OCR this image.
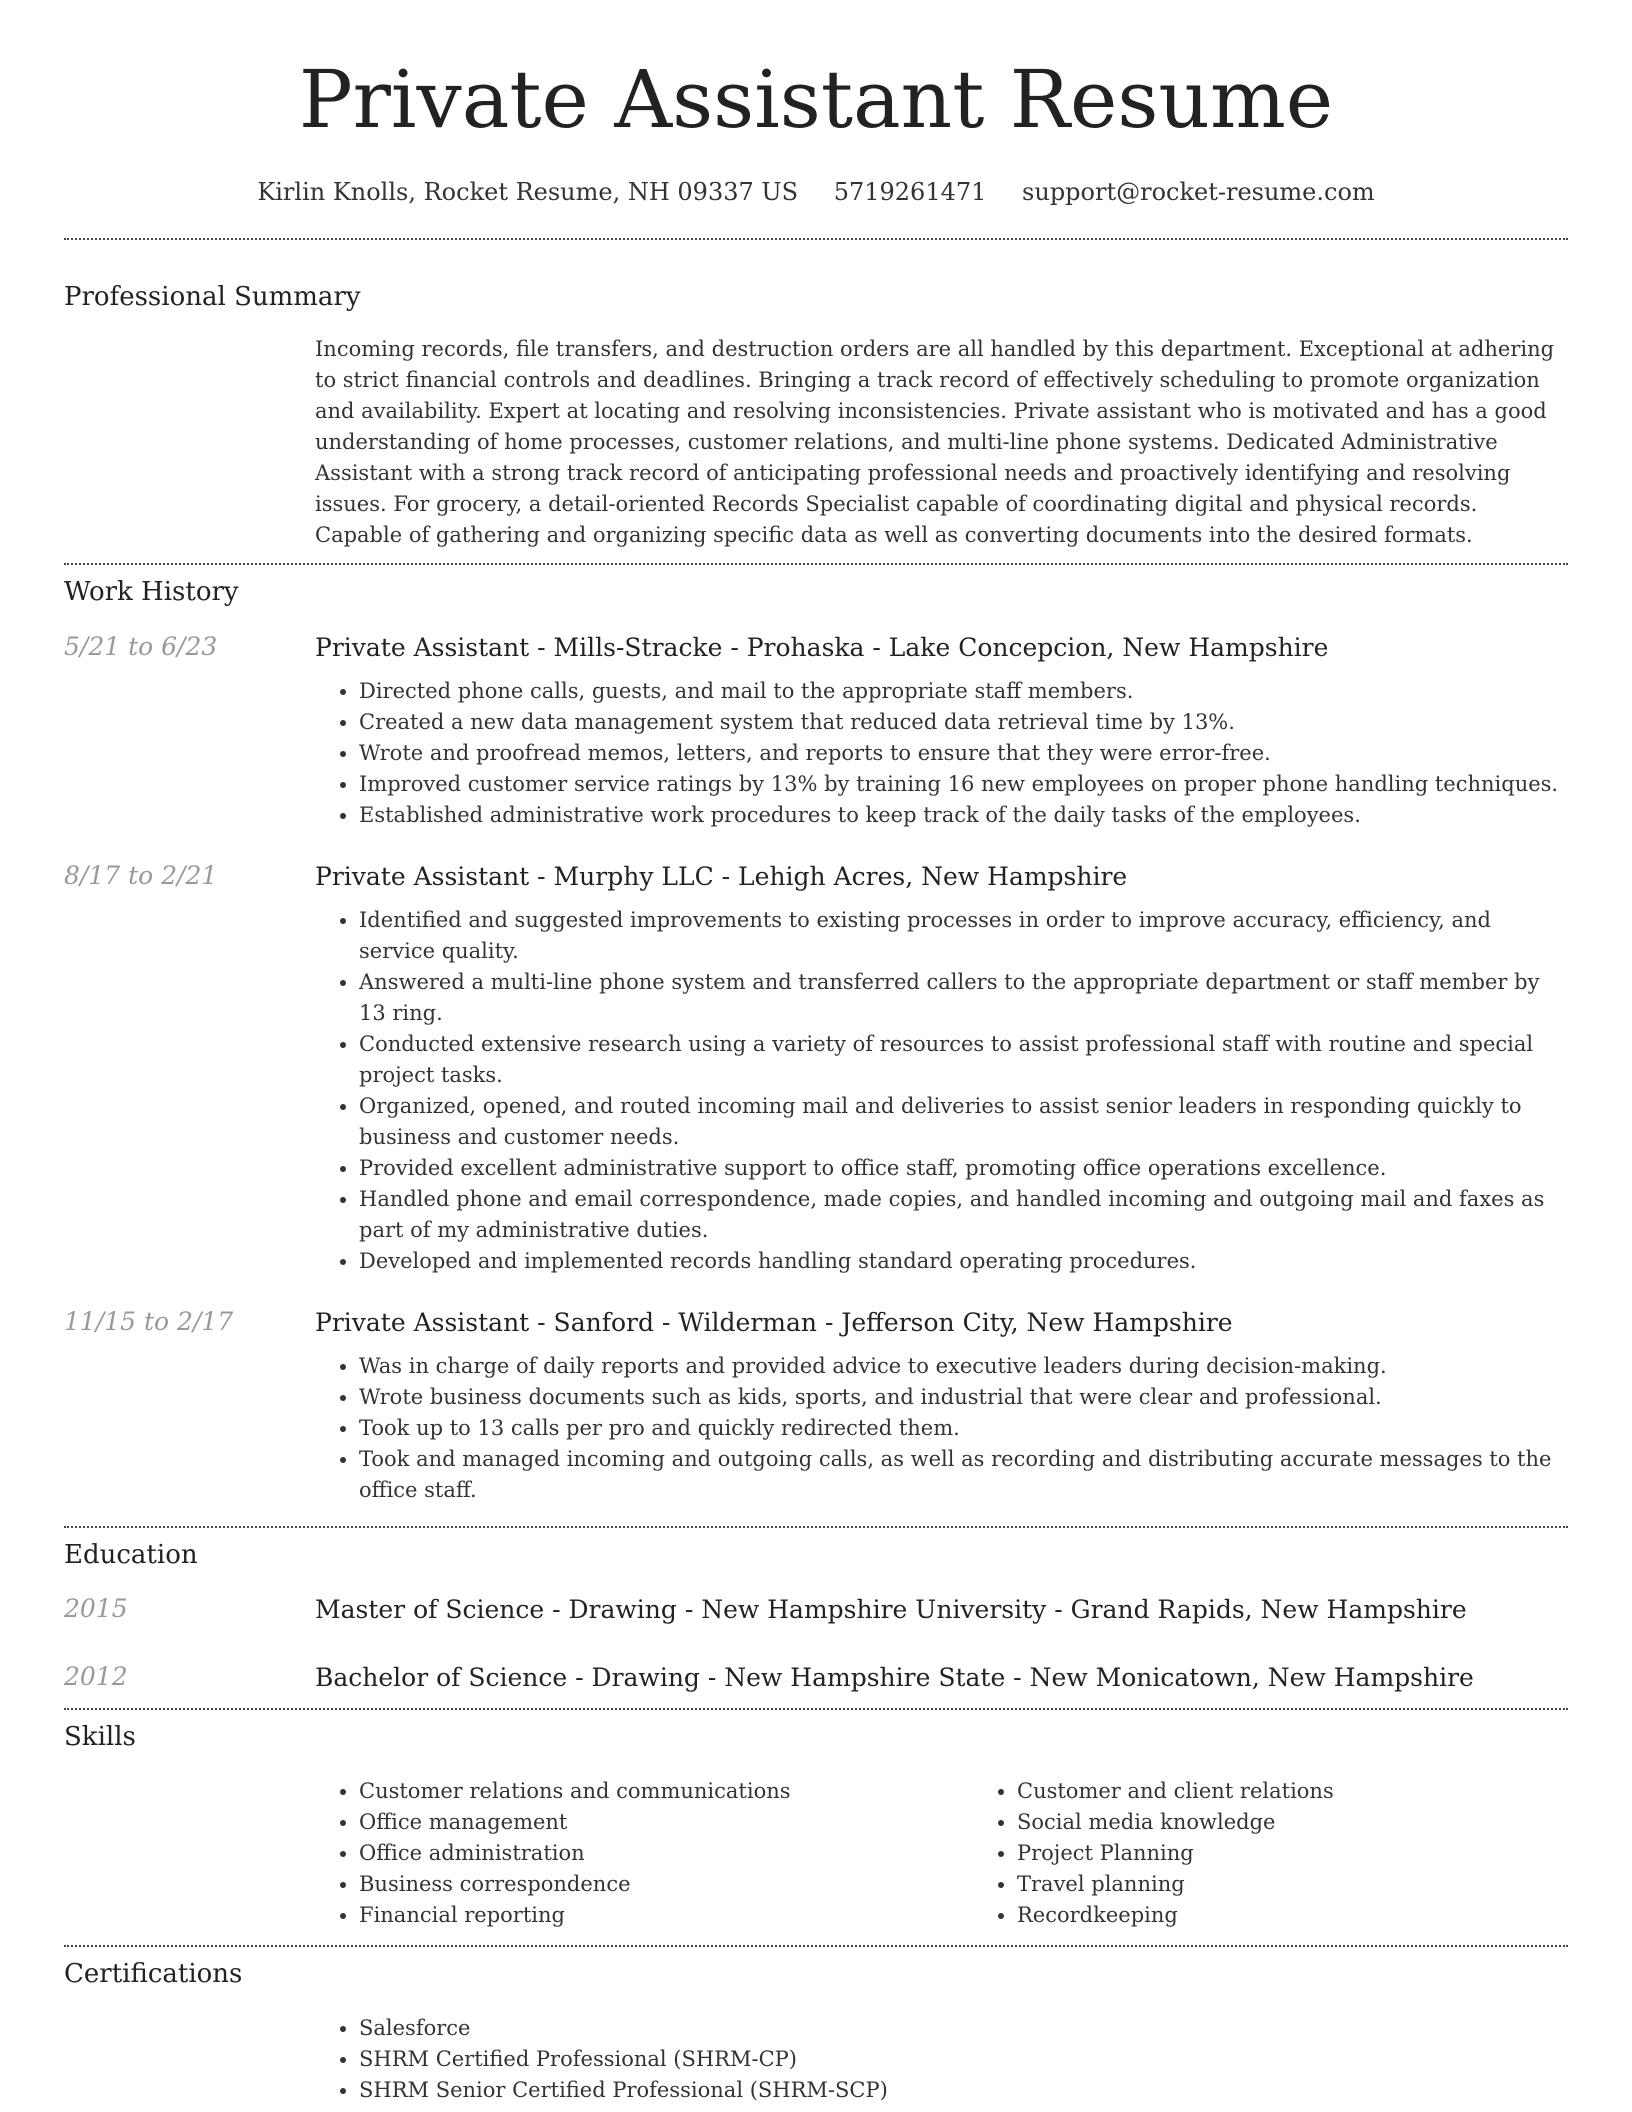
Private Assistant Resume
Kirlin Knolls, Rocket Resume, NH 09337 US 5719261471 support@rocket-resume.com
Professional Summary
Incoming records, file transfers, and destruction orders are all handled by this department. Exceptional at adhering to strict financial controls and deadlines. Bringing a track record of effectively scheduling to promote organization and availability. Expert at locating and resolving inconsistencies. Private assistant who is motivated and has a good understanding of home processes, customer relations, and multi-line phone systems. Dedicated Administrative Assistant with a strong track record of anticipating professional needs and proactively identifying and resolving issues. For grocery, a detail-oriented Records Specialist capable of coordinating digital and physical records. Capable of gathering and organizing specific data as well as converting documents into the desired formats.
Work History
5/21 to 6/23	Private Assistant - Mills-Stracke - Prohaska - Lake Concepcion, New Hampshire
• Directed phone calls, guests, and mail to the appropriate staff members.
• Created a new data management system that reduced data retrieval time by 13%.
• Wrote and proofread memos, letters, and reports to ensure that they were error-free.
• Improved customer service ratings by 13% by training 16 new employees on proper phone handling techniques.
• Established administrative work procedures to keep track of the daily tasks of the employees.
8/17 to 2/21	Private Assistant - Murphy LLC - Lehigh Acres, New Hampshire
• Identified and suggested improvements to existing processes in order to improve accuracy, efficiency, and service quality.
• Answered a multi-line phone system and transferred callers to the appropriate department or staff member by 13 ring.
• Conducted extensive research using a variety of resources to assist professional staff with routine and special project tasks.
• Organized, opened, and routed incoming mail and deliveries to assist senior leaders in responding quickly to business and customer needs.
• Provided excellent administrative support to office staff, promoting office operations excellence.
• Handled phone and email correspondence, made copies, and handled incoming and outgoing mail and faxes as part of my administrative duties.
• Developed and implemented records handling standard operating procedures.
11/15 to 2/17	Private Assistant - Sanford - Wilderman - Jefferson City, New Hampshire
• Was in charge of daily reports and provided advice to executive leaders during decision-making.
• Wrote business documents such as kids, sports, and industrial that were clear and professional.
• Took up to 13 calls per pro and quickly redirected them.
• Took and managed incoming and outgoing calls, as well as recording and distributing accurate messages to the office staff.
Education
2015	Master of Science - Drawing - New Hampshire University - Grand Rapids, New Hampshire
2012	Bachelor of Science - Drawing - New Hampshire State - New Monicatown, New Hampshire
Skills
• Customer relations and communications
• Office management
• Office administration
• Business correspondence
• Financial reporting
• Customer and client relations
• Social media knowledge
• Project Planning
• Travel planning
• Recordkeeping
Certifications
• Salesforce
• SHRM Certified Professional (SHRM-CP)
• SHRM Senior Certified Professional (SHRM-SCP)
